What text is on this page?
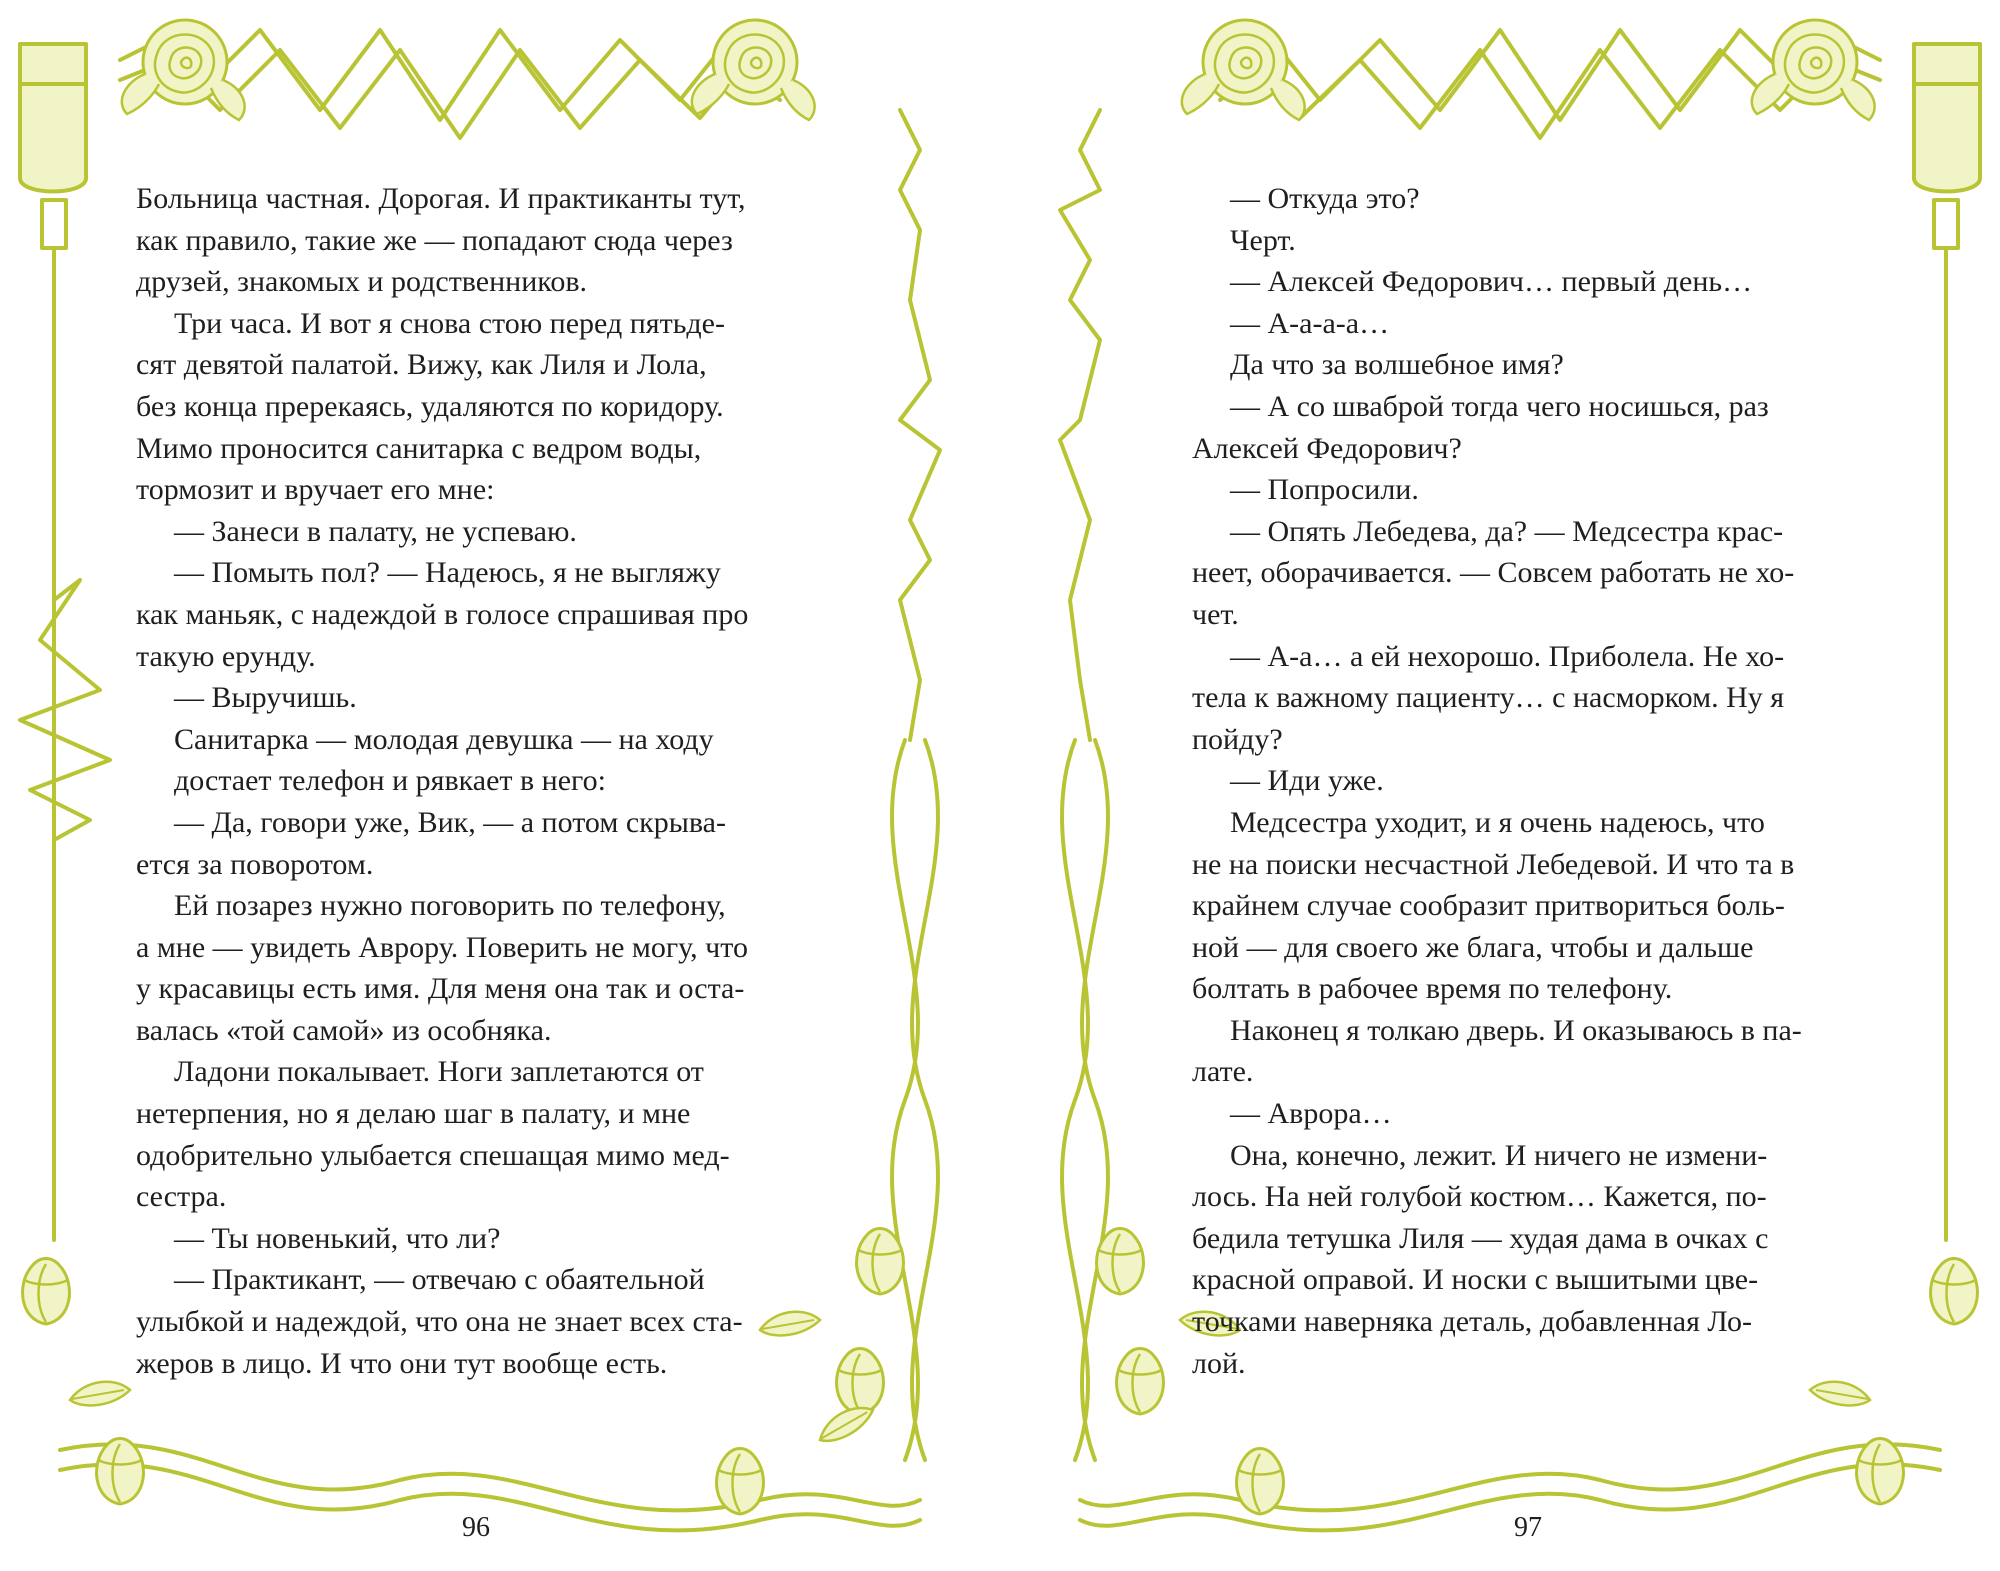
Больница частная. Дорогая. И практиканты тут,

как правило, такие же — попадают сюда через

друзей, знакомых и родственников.

Три часа. И вот я снова стою перед пятьде-

сят девятой палатой. Вижу, как Лиля и Лола,

без конца пререкаясь, удаляются по коридору.

Мимо проносится санитарка с ведром воды,

тормозит и вручает его мне:

— Занеси в палату, не успеваю.

— Помыть пол? — Надеюсь, я не выгляжу

как маньяк, с надеждой в голосе спрашивая про

такую ерунду.

— Выручишь.

Санитарка — молодая девушка — на ходу

достает телефон и рявкает в него:

— Да, говори уже, Вик, — а потом скрыва-

ется за поворотом.

Ей позарез нужно поговорить по телефону,

а мне — увидеть Аврору. Поверить не могу, что

у красавицы есть имя. Для меня она так и оста-

валась «той самой» из особняка.

Ладони покалывает. Ноги заплетаются от

нетерпения, но я делаю шаг в палату, и мне

одобрительно улыбается спешащая мимо мед-

сестра.

— Ты новенький, что ли?

— Практикант, — отвечаю с обаятельной

улыбкой и надеждой, что она не знает всех ста-

жеров в лицо. И что они тут вообще есть.

— Откуда это?

Черт.

— Алексей Федорович… первый день…

— А-а-а-а…

Да что за волшебное имя?

— А со шваброй тогда чего носишься, раз

Алексей Федорович?

— Попросили.

— Опять Лебедева, да? — Медсестра крас-

неет, оборачивается. — Совсем работать не хо-

чет.

— А-а… а ей нехорошо. Приболела. Не хо-

тела к важному пациенту… с насморком. Ну я

пойду?

— Иди уже.

Медсестра уходит, и я очень надеюсь, что

не на поиски несчастной Лебедевой. И что та в

крайнем случае сообразит притвориться боль-

ной — для своего же блага, чтобы и дальше

болтать в рабочее время по телефону.

Наконец я толкаю дверь. И оказываюсь в па-

лате.

— Аврора…

Она, конечно, лежит. И ничего не измени-

лось. На ней голубой костюм… Кажется, по-

бедила тетушка Лиля — худая дама в очках с

красной оправой. И носки с вышитыми цве-

точками наверняка деталь, добавленная Ло-

лой.

96	97
